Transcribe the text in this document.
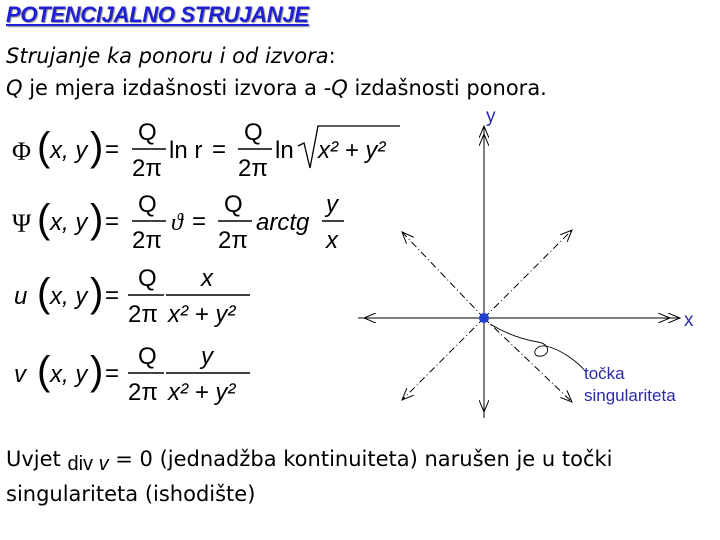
POTENCIJALNO STRUJANJE
Strujanje ka ponoru i od izvora:
Q je mjera izdašnosti izvora a -Q izdašnosti ponora.
Φ ( x, y ) =
Q
2π
ln r =
Q
2π
ln x² + y²
Ψ ( x, y ) =
Q
2π
ϑ =
Q
2π
arctg
y
x
u ( x, y ) =
Q
2π
x
x² + y²
v ( x, y ) =
Q
2π
y
x² + y²
y
x
točka
singulariteta
Uvjet div v = 0 (jednadžba kontinuiteta) narušen je u točki
singulariteta (ishodište)
